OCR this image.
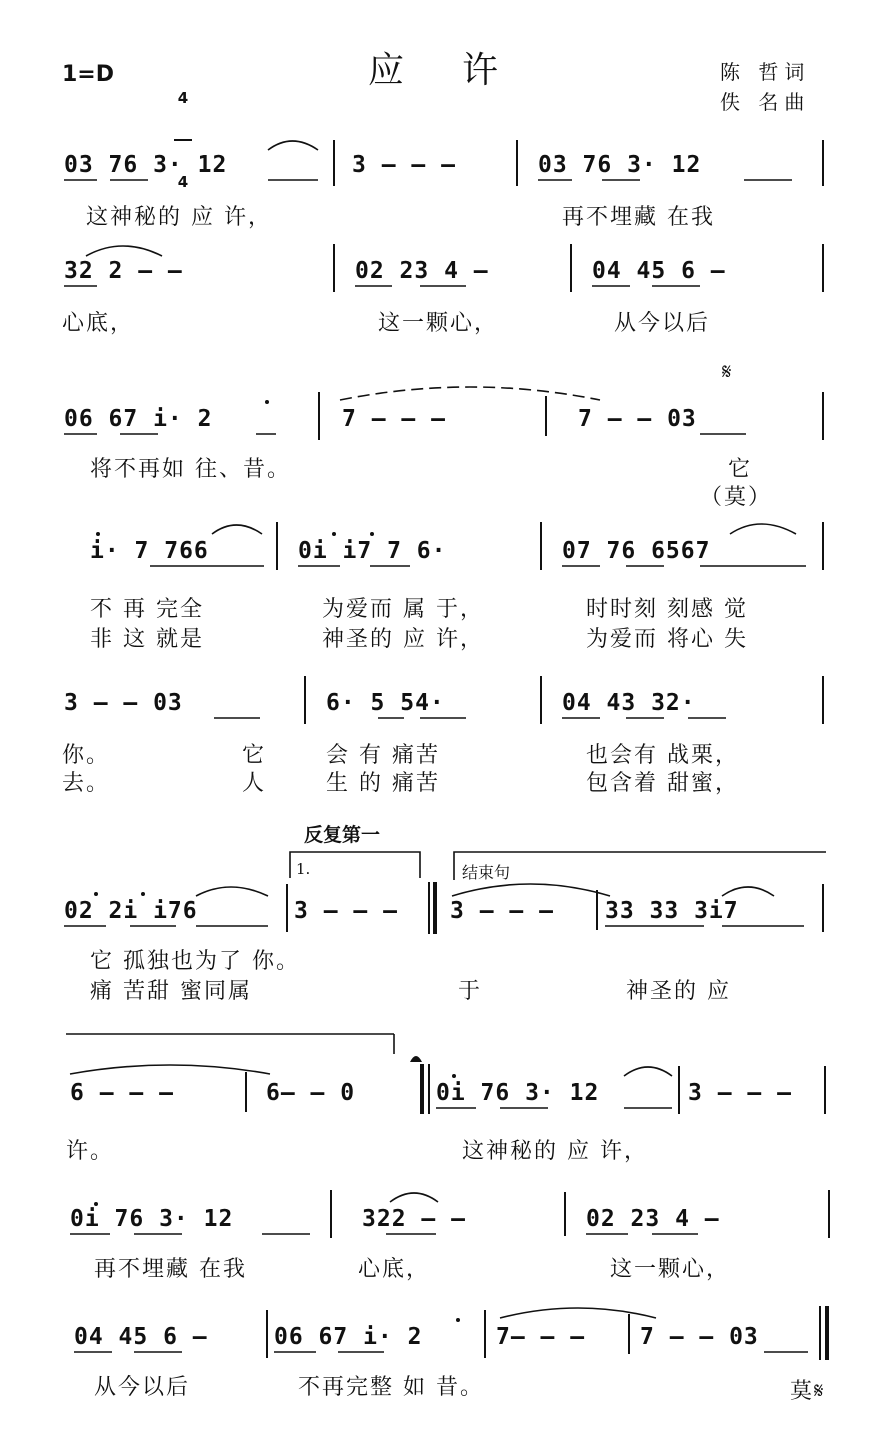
1=D

4

4

应许	陈 哲词
佚 名曲
03 76 3· 12	3 — — —	03 76 3· 12
这神秘的 应 许，	再不埋藏 在我
32 2 — —	02 23 4 —	04 45 6 —
心底，	这一颗心，	从今以后
𝄋
06 67 i· 2	7 — — —	7 — — 03
将不再如 往、昔。	它
（莫）
i· 7 766	0i i7 7 6·	07 76 6567
不 再 完全	为爱而 属 于，	时时刻 刻感 觉
非 这 就是	神圣的 应 许，	为爱而 将心 失
3 — — 03	6· 5 54·	04 43 32·
你。	它	会 有 痛苦	也会有 战栗，
去。	人	生 的 痛苦	包含着 甜蜜，
反复第一
1.	结束句
02 2i i76	3 — — — 3 — — — 33 33 3i7
它 孤独也为了 你。
痛 苦甜 蜜同属	于	神圣的 应
6 — — —	6— — 0	0i 76 3· 12	3 — — —
许。	这神秘的 应 许，
0i 76 3· 12	322 — —	02 23 4 —
再不埋藏 在我	心底，	这一颗心，
04 45 6 —	06 67 i· 2	7— — — 7 — — 03
从今以后	不再完整 如 昔。	莫𝄋
